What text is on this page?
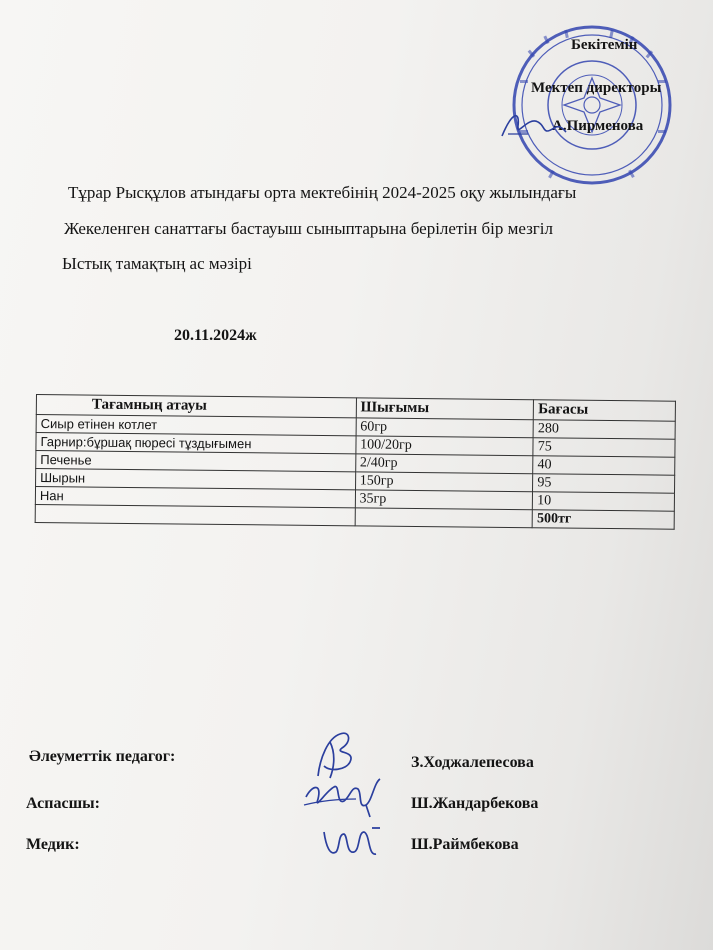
Бекітемін
Мектеп директоры
А.Пирменова
Тұрар Рысқұлов атындағы орта мектебінің 2024-2025 оқу жылындағы
Жекеленген санаттағы бастауыш сыныптарына берілетін бір мезгіл
Ыстық тамақтың ас мәзірі
20.11.2024ж
Тағамның атауы	Шығымы	Бағасы
Сиыр етінен котлет	60гр	280
Гарнир:бұршақ пюресі тұздығымен	100/20гр	75
Печенье	2/40гр	40
Шырын	150гр	95
Нан	35гр	10
		500тг
Әлеуметтік педагог:
Аспасшы:
Медик:
З.Ходжалепесова
Ш.Жандарбекова
Ш.Раймбекова
